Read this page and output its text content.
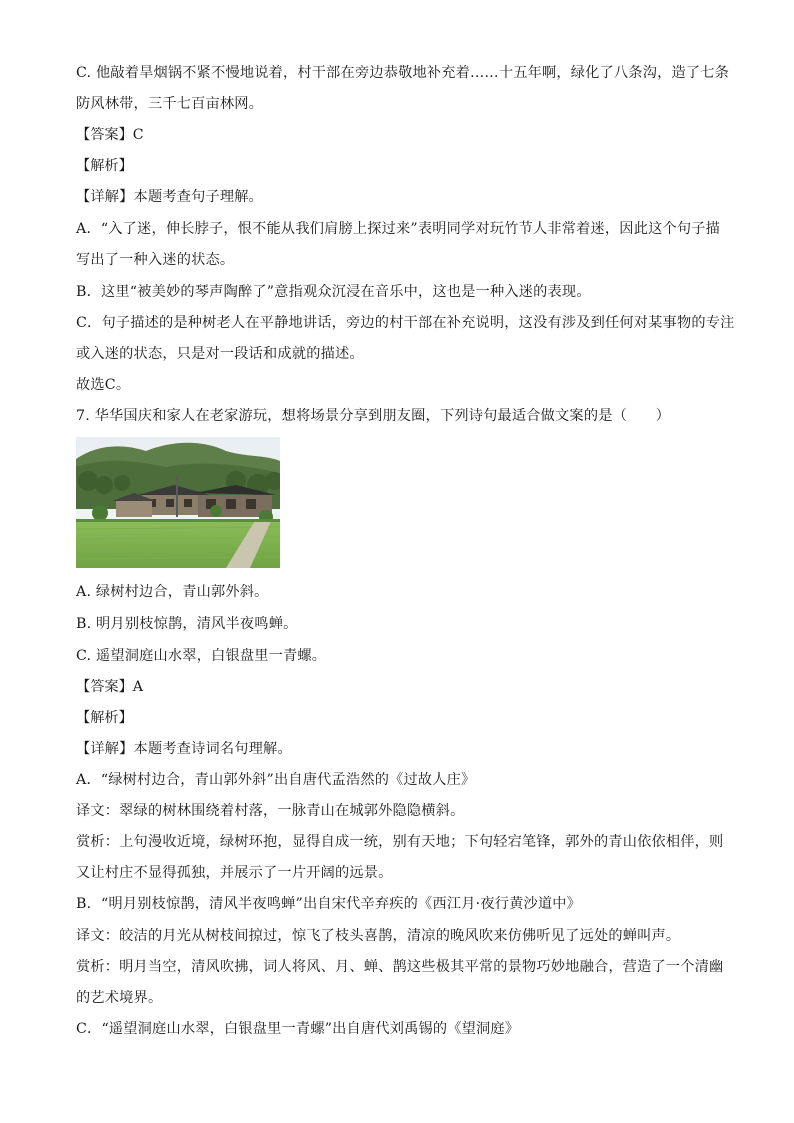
C. 他敲着旱烟锅不紧不慢地说着，村干部在旁边恭敬地补充着……十五年啊，绿化了八条沟，造了七条
防风林带，三千七百亩林网。
【答案】C
【解析】
【详解】本题考查句子理解。
A．“入了迷，伸长脖子，恨不能从我们肩膀上探过来”表明同学对玩竹节人非常着迷，因此这个句子描
写出了一种入迷的状态。
B．这里“被美妙的琴声陶醉了”意指观众沉浸在音乐中，这也是一种入迷的表现。
C．句子描述的是种树老人在平静地讲话，旁边的村干部在补充说明，这没有涉及到任何对某事物的专注
或入迷的状态，只是对一段话和成就的描述。
故选C。
7. 华华国庆和家人在老家游玩，想将场景分享到朋友圈，下列诗句最适合做文案的是（　　）
A. 绿树村边合，青山郭外斜。
B. 明月别枝惊鹊，清风半夜鸣蝉。
C. 遥望洞庭山水翠，白银盘里一青螺。
【答案】A
【解析】
【详解】本题考查诗词名句理解。
A．“绿树村边合，青山郭外斜”出自唐代孟浩然的《过故人庄》
译文：翠绿的树林围绕着村落，一脉青山在城郭外隐隐横斜。
赏析：上句漫收近境，绿树环抱，显得自成一统，别有天地；下句轻宕笔锋，郭外的青山依依相伴，则
又让村庄不显得孤独，并展示了一片开阔的远景。
B．“明月别枝惊鹊，清风半夜鸣蝉”出自宋代辛弃疾的《西江月·夜行黄沙道中》
译文：皎洁的月光从树枝间掠过，惊飞了枝头喜鹊，清凉的晚风吹来仿佛听见了远处的蝉叫声。
赏析：明月当空，清风吹拂，词人将风、月、蝉、鹊这些极其平常的景物巧妙地融合，营造了一个清幽
的艺术境界。
C．“遥望洞庭山水翠，白银盘里一青螺”出自唐代刘禹锡的《望洞庭》
